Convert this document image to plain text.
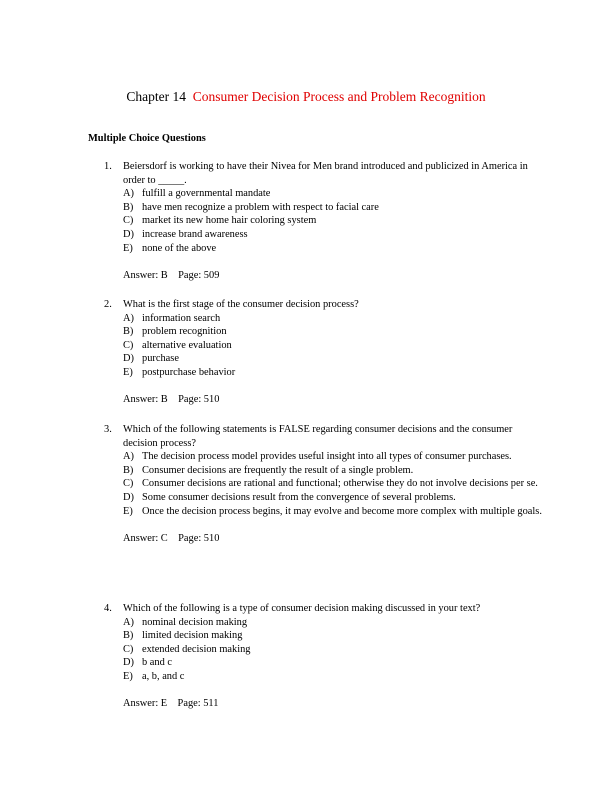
Chapter 14 Consumer Decision Process and Problem Recognition
Multiple Choice Questions
1. Beiersdorf is working to have their Nivea for Men brand introduced and publicized in America in order to _____.
A) fulfill a governmental mandate
B) have men recognize a problem with respect to facial care
C) market its new home hair coloring system
D) increase brand awareness
E) none of the above
Answer: B Page: 509
2. What is the first stage of the consumer decision process?
A) information search
B) problem recognition
C) alternative evaluation
D) purchase
E) postpurchase behavior
Answer: B Page: 510
3. Which of the following statements is FALSE regarding consumer decisions and the consumer decision process?
A) The decision process model provides useful insight into all types of consumer purchases.
B) Consumer decisions are frequently the result of a single problem.
C) Consumer decisions are rational and functional; otherwise they do not involve decisions per se.
D) Some consumer decisions result from the convergence of several problems.
E) Once the decision process begins, it may evolve and become more complex with multiple goals.
Answer: C Page: 510
4. Which of the following is a type of consumer decision making discussed in your text?
A) nominal decision making
B) limited decision making
C) extended decision making
D) b and c
E) a, b, and c
Answer: E Page: 511
